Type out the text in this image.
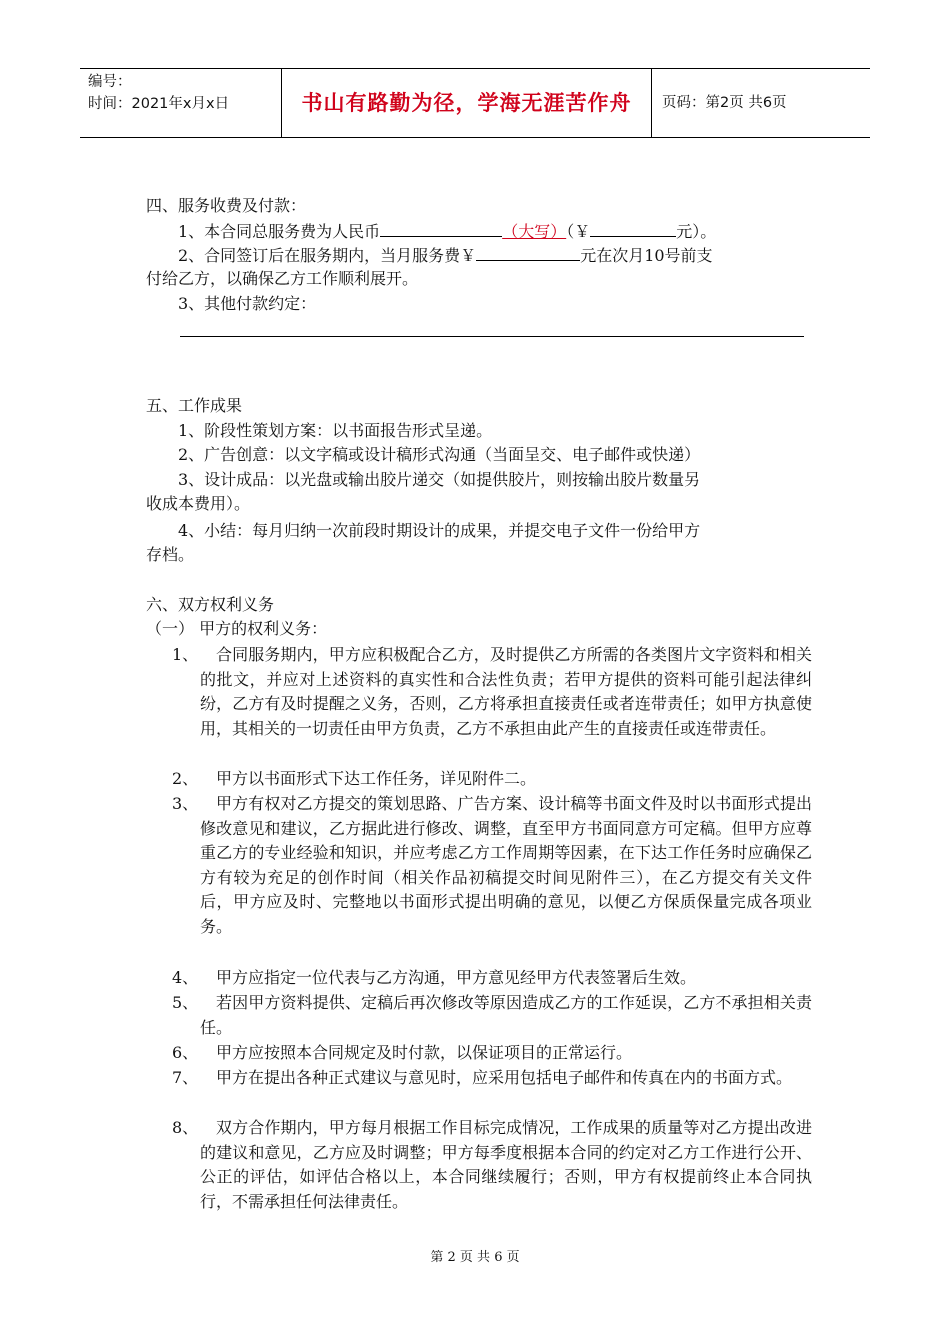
编号：
时间：2021年x月x日	书山有路勤为径，学海无涯苦作舟	页码：第2页 共6页
四、服务收费及付款：
1、本合同总服务费为人民币	（大写）（￥	元）。
2、合同签订后在服务期内，当月服务费￥	元在次月10号前支
付给乙方，以确保乙方工作顺利展开。
3、其他付款约定：
五、工作成果
1、阶段性策划方案：以书面报告形式呈递。
2、广告创意：以文字稿或设计稿形式沟通（当面呈交、电子邮件或快递）
3、设计成品：以光盘或输出胶片递交（如提供胶片，则按输出胶片数量另
收成本费用）。
4、小结：每月归纳一次前段时期设计的成果，并提交电子文件一份给甲方
存档。
六、双方权利义务
（一） 甲方的权利义务：
1、	合同服务期内，甲方应积极配合乙方，及时提供乙方所需的各类图片文字资料和相关的批文，并应对上述资料的真实性和合法性负责；若甲方提供的资料可能引起法律纠纷，乙方有及时提醒之义务，否则，乙方将承担直接责任或者连带责任；如甲方执意使用，其相关的一切责任由甲方负责，乙方不承担由此产生的直接责任或连带责任。
2、	甲方以书面形式下达工作任务，详见附件二。
3、	甲方有权对乙方提交的策划思路、广告方案、设计稿等书面文件及时以书面形式提出修改意见和建议，乙方据此进行修改、调整，直至甲方书面同意方可定稿。但甲方应尊重乙方的专业经验和知识，并应考虑乙方工作周期等因素，在下达工作任务时应确保乙方有较为充足的创作时间（相关作品初稿提交时间见附件三），在乙方提交有关文件后，甲方应及时、完整地以书面形式提出明确的意见，以便乙方保质保量完成各项业务。
4、	甲方应指定一位代表与乙方沟通，甲方意见经甲方代表签署后生效。
5、	若因甲方资料提供、定稿后再次修改等原因造成乙方的工作延误，乙方不承担相关责任。
6、	甲方应按照本合同规定及时付款，以保证项目的正常运行。
7、	甲方在提出各种正式建议与意见时，应采用包括电子邮件和传真在内的书面方式。
8、	双方合作期内，甲方每月根据工作目标完成情况，工作成果的质量等对乙方提出改进的建议和意见，乙方应及时调整；甲方每季度根据本合同的约定对乙方工作进行公开、公正的评估，如评估合格以上，本合同继续履行；否则，甲方有权提前终止本合同执行，不需承担任何法律责任。
第 2 页 共 6 页
